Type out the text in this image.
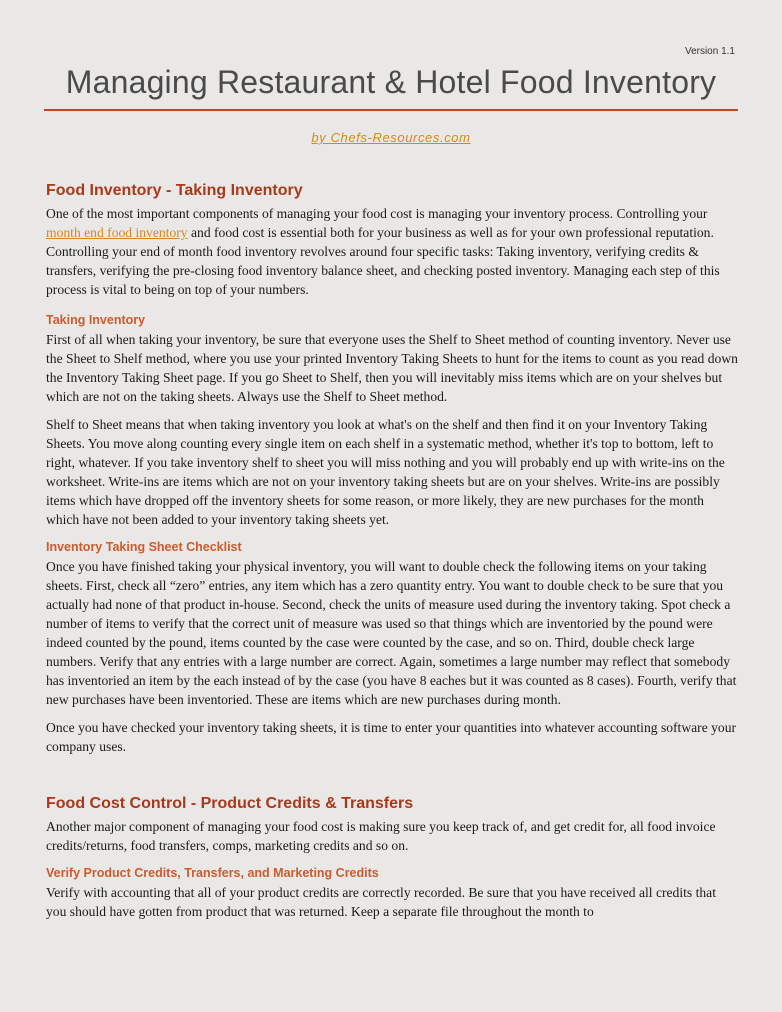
Version 1.1
Managing Restaurant & Hotel Food Inventory
by Chefs-Resources.com
Food Inventory - Taking Inventory

One of the most important components of managing your food cost is managing your inventory process. Controlling your month end food inventory and food cost is essential both for your business as well as for your own professional reputation. Controlling your end of month food inventory revolves around four specific tasks: Taking inventory, verifying credits & transfers, verifying the pre-closing food inventory balance sheet, and checking posted inventory. Managing each step of this process is vital to being on top of your numbers.

Taking Inventory

First of all when taking your inventory, be sure that everyone uses the Shelf to Sheet method of counting inventory. Never use the Sheet to Shelf method, where you use your printed Inventory Taking Sheets to hunt for the items to count as you read down the Inventory Taking Sheet page. If you go Sheet to Shelf, then you will inevitably miss items which are on your shelves but which are not on the taking sheets. Always use the Shelf to Sheet method.

Shelf to Sheet means that when taking inventory you look at what's on the shelf and then find it on your Inventory Taking Sheets. You move along counting every single item on each shelf in a systematic method, whether it's top to bottom, left to right, whatever. If you take inventory shelf to sheet you will miss nothing and you will probably end up with write-ins on the worksheet. Write-ins are items which are not on your inventory taking sheets but are on your shelves. Write-ins are possibly items which have dropped off the inventory sheets for some reason, or more likely, they are new purchases for the month which have not been added to your inventory taking sheets yet.

Inventory Taking Sheet Checklist

Once you have finished taking your physical inventory, you will want to double check the following items on your taking sheets. First, check all “zero” entries, any item which has a zero quantity entry. You want to double check to be sure that you actually had none of that product in-house. Second, check the units of measure used during the inventory taking. Spot check a number of items to verify that the correct unit of measure was used so that things which are inventoried by the pound were indeed counted by the pound, items counted by the case were counted by the case, and so on. Third, double check large numbers. Verify that any entries with a large number are correct. Again, sometimes a large number may reflect that somebody has inventoried an item by the each instead of by the case (you have 8 eaches but it was counted as 8 cases). Fourth, verify that new purchases have been inventoried. These are items which are new purchases during month.

Once you have checked your inventory taking sheets, it is time to enter your quantities into whatever accounting software your company uses.

Food Cost Control - Product Credits & Transfers

Another major component of managing your food cost is making sure you keep track of, and get credit for, all food invoice credits/returns, food transfers, comps, marketing credits and so on.

Verify Product Credits, Transfers, and Marketing Credits

Verify with accounting that all of your product credits are correctly recorded. Be sure that you have received all credits that you should have gotten from product that was returned. Keep a separate file throughout the month to
